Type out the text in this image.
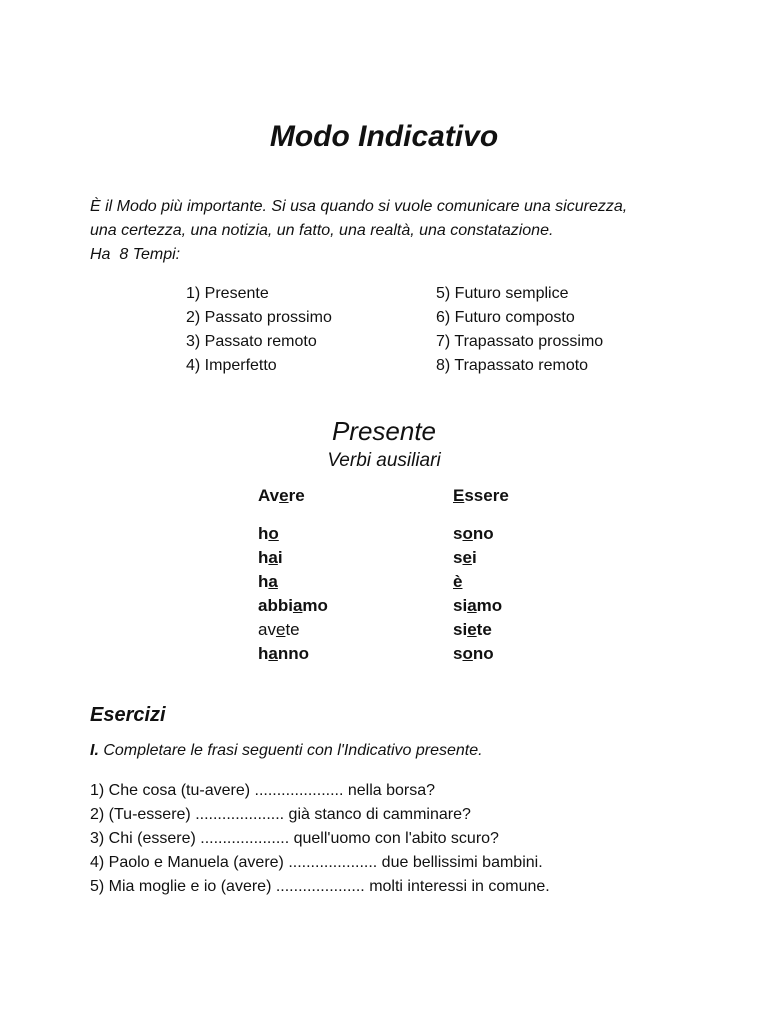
Modo Indicativo
È il Modo più importante. Si usa quando si vuole comunicare una sicurezza,
una certezza, una notizia, un fatto, una realtà, una constatazione.
Ha  8 Tempi:
1) Presente
2) Passato prossimo
3) Passato remoto
4) Imperfetto
5) Futuro semplice
6) Futuro composto
7) Trapassato prossimo
8) Trapassato remoto
Presente
Verbi ausiliari
Avere
ho
hai
ha
abbiamo
avete
hanno
Essere
sono
sei
è
siamo
siete
sono
Esercizi
I. Completare le frasi seguenti con l'Indicativo presente.
1) Che cosa (tu-avere) .................... nella borsa?
2) (Tu-essere) .................... già stanco di camminare?
3) Chi (essere) .................... quell'uomo con l'abito scuro?
4) Paolo e Manuela (avere) .................... due bellissimi bambini.
5) Mia moglie e io (avere) .................... molti interessi in comune.
